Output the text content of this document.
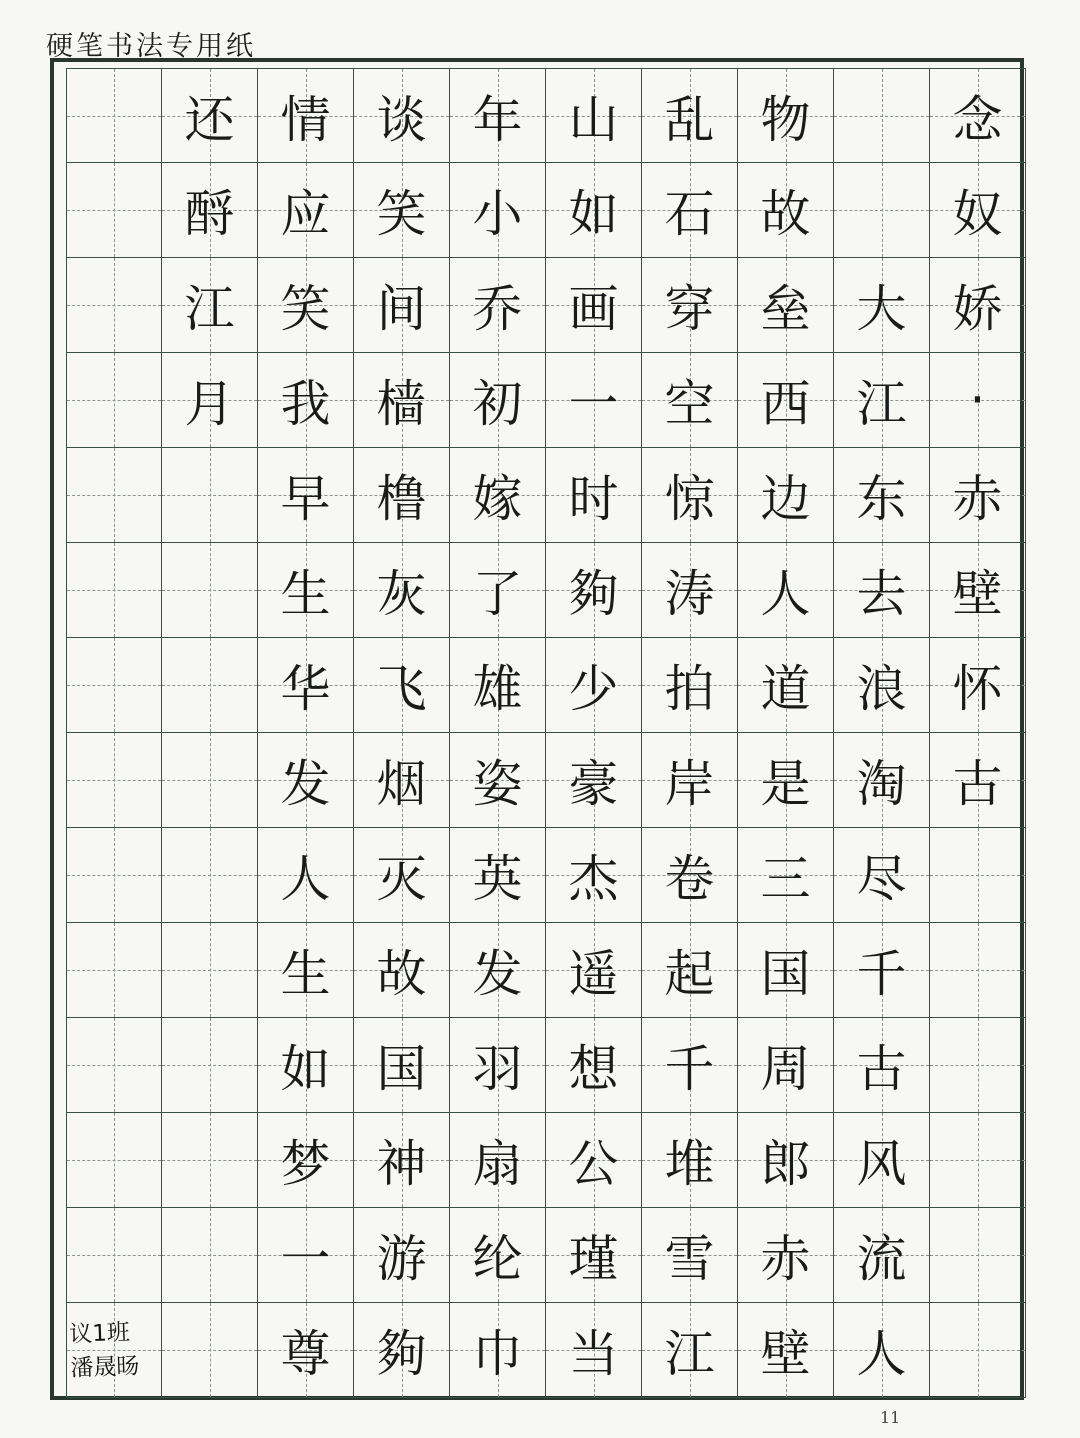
硬笔书法专用纸
还 情 谈 年 山 乱 物	念
酹 应 笑 小 如 石 故	奴
江 笑 间 乔 画 穿 垒 大 娇
月 我 樯 初 一 空 西 江 ·
早 橹 嫁 时 惊 边 东 赤
生 灰 了 夠 涛 人 去 壁
华 飞 雄 少 拍 道 浪 怀
发 烟 姿 豪 岸 是 淘 古
人 灭 英 杰 卷 三 尽
生 故 发 遥 起 国 千
如 国 羽 想 千 周 古
梦 神 扇 公 堆 郎 风
一 游 纶 瑾 雪 赤 流
尊 夠 巾 当 江 壁 人
议1班
潘晟旸
11
